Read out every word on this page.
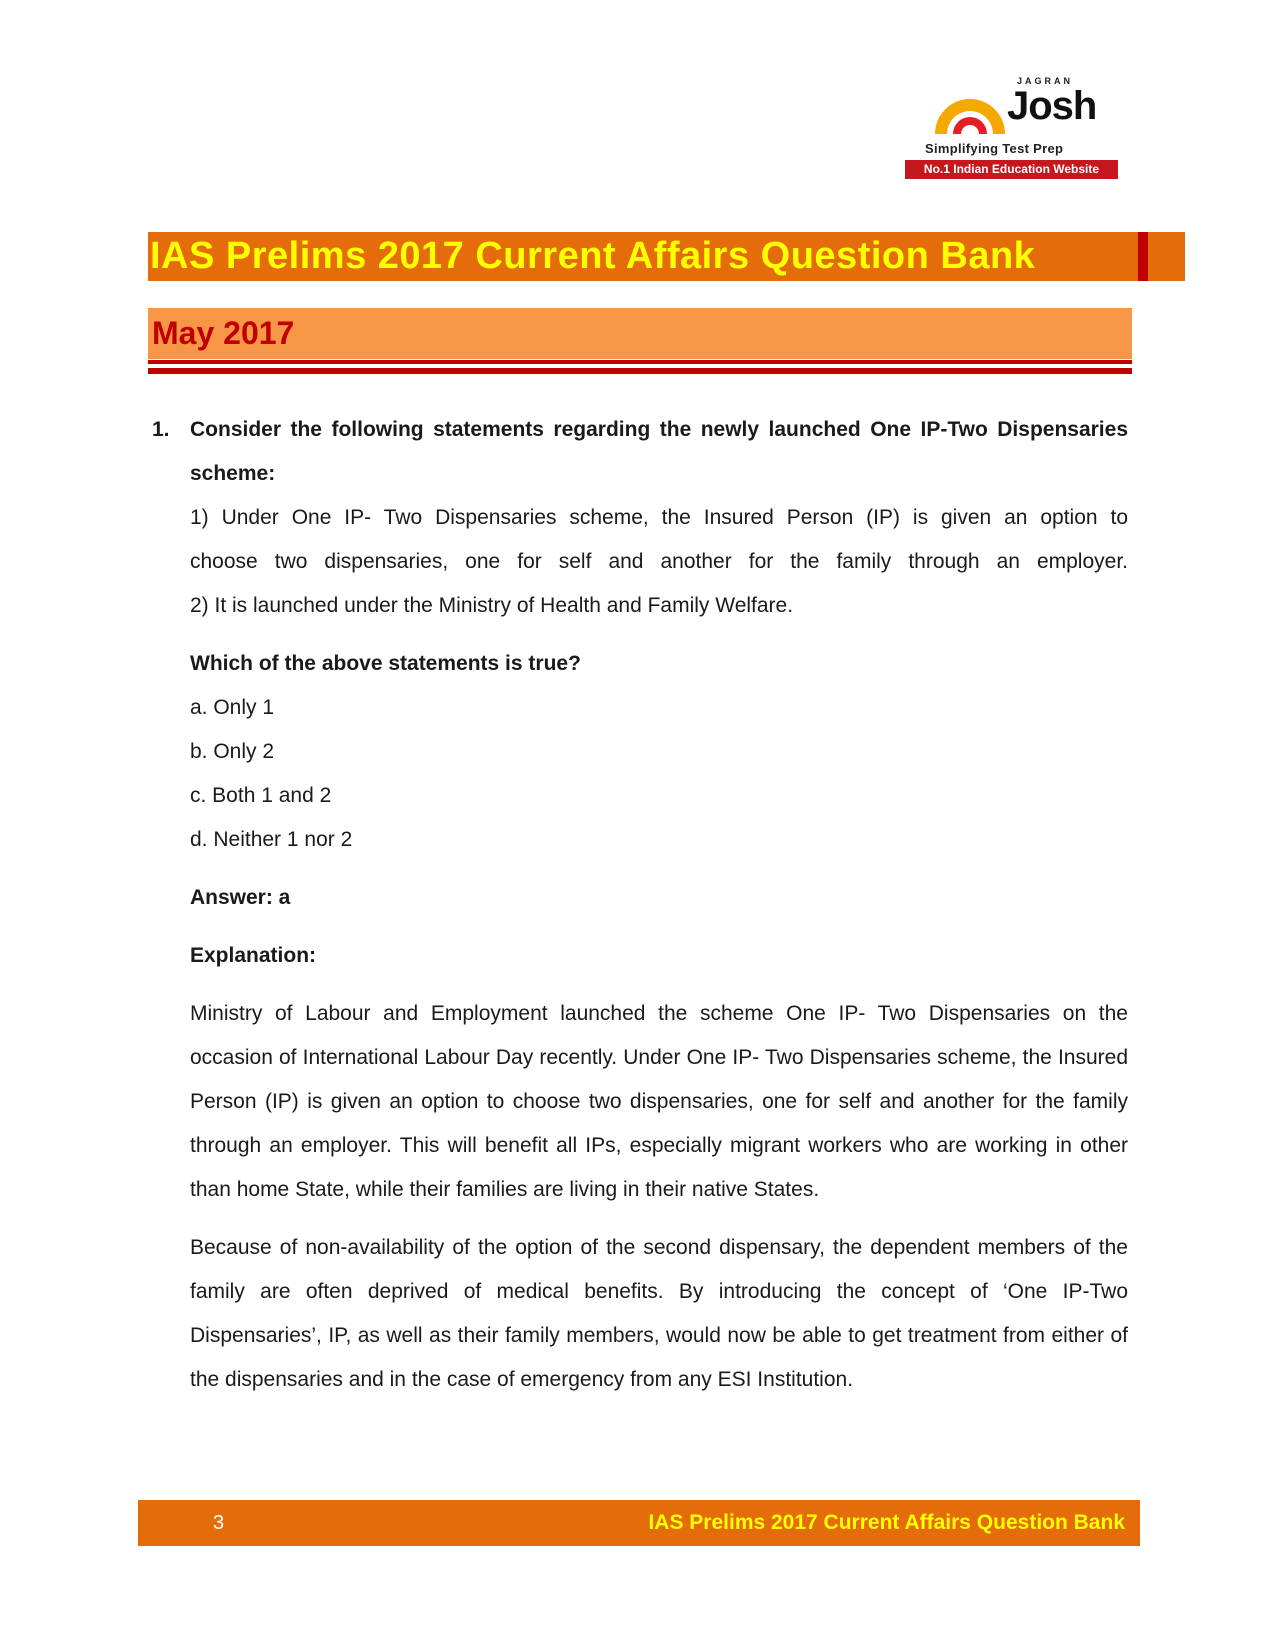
JAGRAN
Josh
Simplifying Test Prep
No.1 Indian Education Website
IAS Prelims 2017 Current Affairs Question Bank
May 2017
1. Consider the following statements regarding the newly launched One IP-Two Dispensaries

scheme:

1) Under One IP- Two Dispensaries scheme, the Insured Person (IP) is given an option to

choose two dispensaries, one for self and another for the family through an employer.

2) It is launched under the Ministry of Health and Family Welfare.

Which of the above statements is true?

a. Only 1

b. Only 2

c. Both 1 and 2

d. Neither 1 nor 2

Answer: a

Explanation:

Ministry of Labour and Employment launched the scheme One IP- Two Dispensaries on the occasion of International Labour Day recently. Under One IP- Two Dispensaries scheme, the Insured Person (IP) is given an option to choose two dispensaries, one for self and another for the family through an employer. This will benefit all IPs, especially migrant workers who are working in other than home State, while their families are living in their native States.

Because of non-availability of the option of the second dispensary, the dependent members of the family are often deprived of medical benefits. By introducing the concept of ‘One IP-Two Dispensaries’, IP, as well as their family members, would now be able to get treatment from either of the dispensaries and in the case of emergency from any ESI Institution.

3	IAS Prelims 2017 Current Affairs Question Bank
